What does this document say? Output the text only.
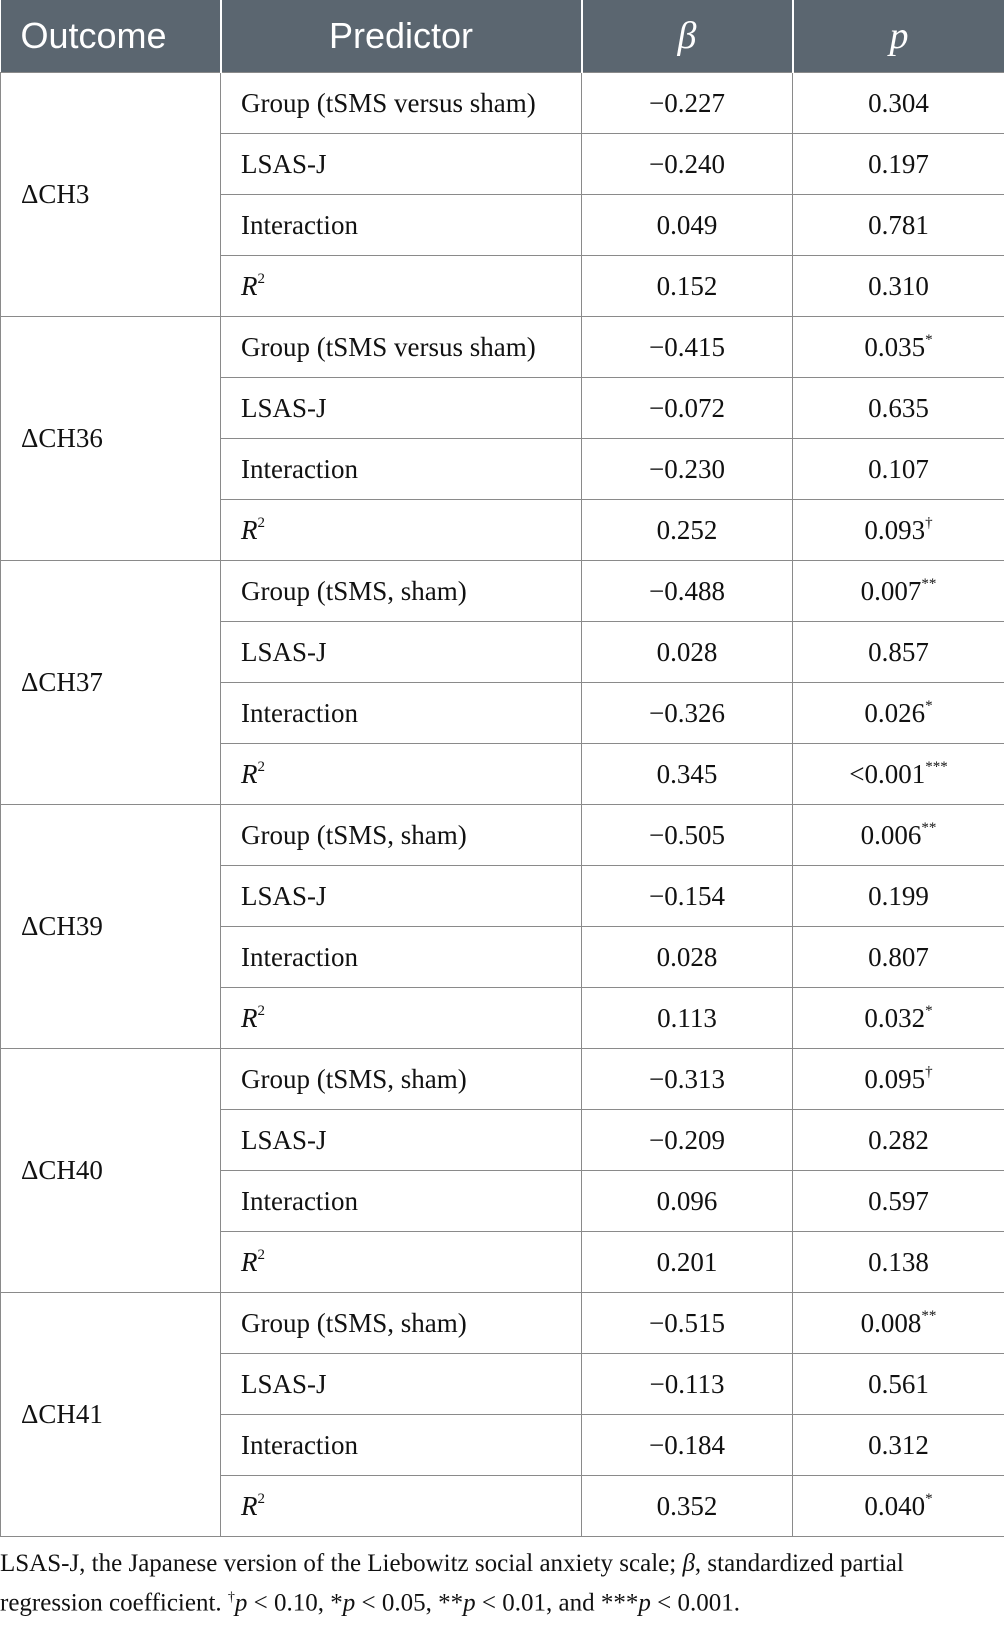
Outcome	Predictor	β	p
ΔCH3	Group (tSMS versus sham)	−0.227	0.304
	LSAS-J	−0.240	0.197
	Interaction	0.049	0.781
	$R^2$	0.152	0.310
ΔCH36	Group (tSMS versus sham)	−0.415	0.035*
	LSAS-J	−0.072	0.635
	Interaction	−0.230	0.107
	$R^2$	0.252	0.093†
ΔCH37	Group (tSMS, sham)	−0.488	0.007**
	LSAS-J	0.028	0.857
	Interaction	−0.326	0.026*
	$R^2$	0.345	<0.001***
ΔCH39	Group (tSMS, sham)	−0.505	0.006**
	LSAS-J	−0.154	0.199
	Interaction	0.028	0.807
	$R^2$	0.113	0.032*
ΔCH40	Group (tSMS, sham)	−0.313	0.095†
	LSAS-J	−0.209	0.282
	Interaction	0.096	0.597
	$R^2$	0.201	0.138
ΔCH41	Group (tSMS, sham)	−0.515	0.008**
	LSAS-J	−0.113	0.561
	Interaction	−0.184	0.312
	$R^2$	0.352	0.040*
LSAS-J, the Japanese version of the Liebowitz social anxiety scale; β, standardized partial
regression coefficient. †p < 0.10, *p < 0.05, **p < 0.01, and ***p < 0.001.
